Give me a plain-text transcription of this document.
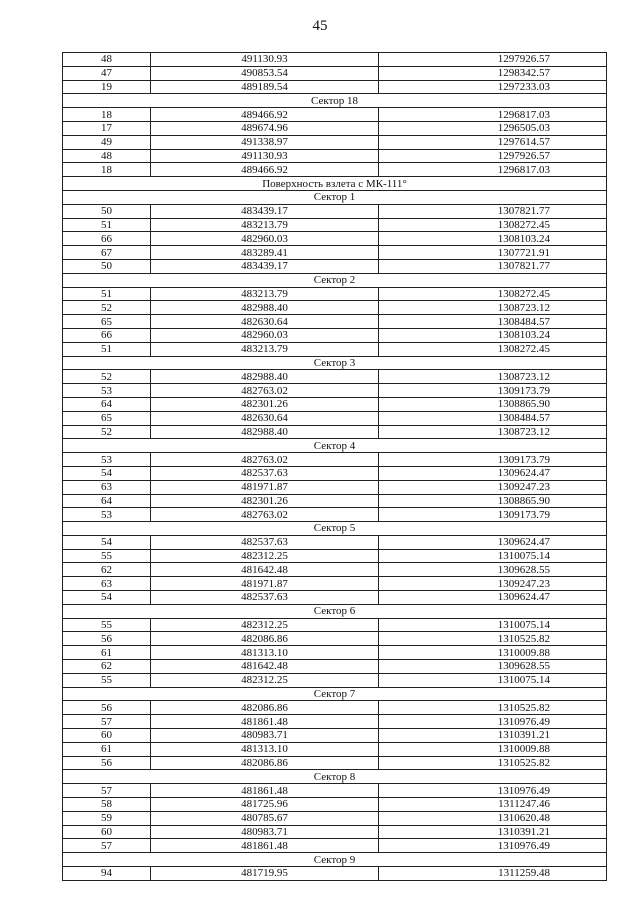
45
48	491130.93	1297926.57
47	490853.54	1298342.57
19	489189.54	1297233.03
Сектор 18		
18	489466.92	1296817.03
17	489674.96	1296505.03
49	491338.97	1297614.57
48	491130.93	1297926.57
18	489466.92	1296817.03
Поверхность взлета с МК-111°		
Сектор 1		
50	483439.17	1307821.77
51	483213.79	1308272.45
66	482960.03	1308103.24
67	483289.41	1307721.91
50	483439.17	1307821.77
Сектор 2		
51	483213.79	1308272.45
52	482988.40	1308723.12
65	482630.64	1308484.57
66	482960.03	1308103.24
51	483213.79	1308272.45
Сектор 3		
52	482988.40	1308723.12
53	482763.02	1309173.79
64	482301.26	1308865.90
65	482630.64	1308484.57
52	482988.40	1308723.12
Сектор 4		
53	482763.02	1309173.79
54	482537.63	1309624.47
63	481971.87	1309247.23
64	482301.26	1308865.90
53	482763.02	1309173.79
Сектор 5		
54	482537.63	1309624.47
55	482312.25	1310075.14
62	481642.48	1309628.55
63	481971.87	1309247.23
54	482537.63	1309624.47
Сектор 6		
55	482312.25	1310075.14
56	482086.86	1310525.82
61	481313.10	1310009.88
62	481642.48	1309628.55
55	482312.25	1310075.14
Сектор 7		
56	482086.86	1310525.82
57	481861.48	1310976.49
60	480983.71	1310391.21
61	481313.10	1310009.88
56	482086.86	1310525.82
Сектор 8		
57	481861.48	1310976.49
58	481725.96	1311247.46
59	480785.67	1310620.48
60	480983.71	1310391.21
57	481861.48	1310976.49
Сектор 9		
94	481719.95	1311259.48
